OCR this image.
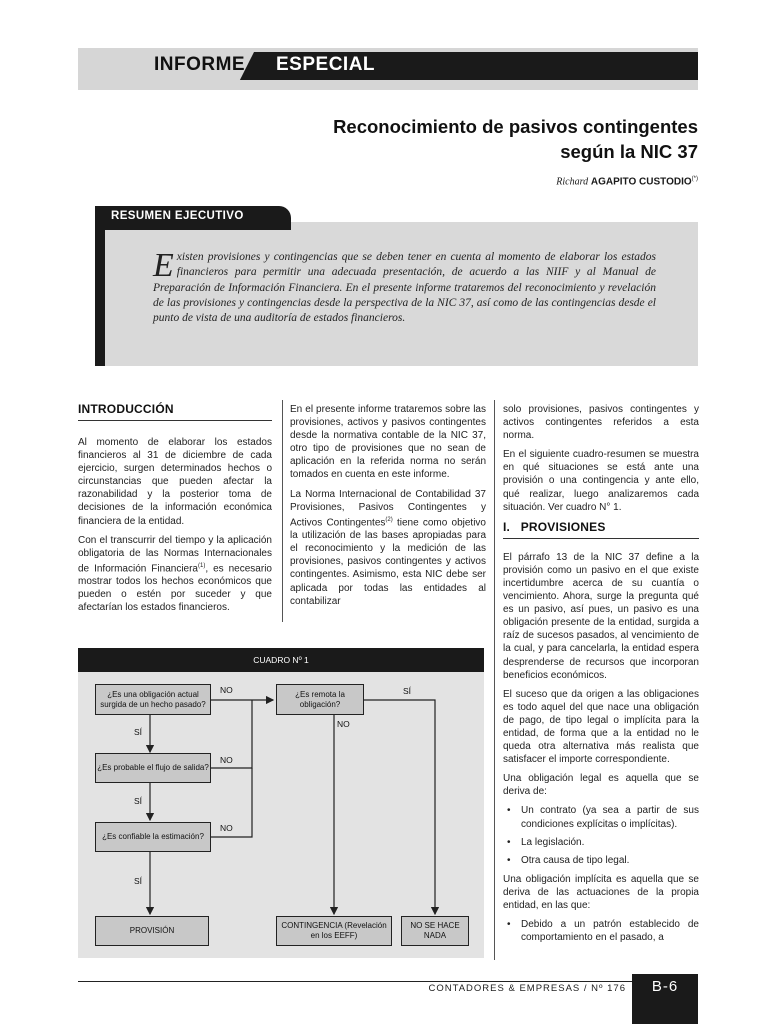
INFORME ESPECIAL
Reconocimiento de pasivos contingentes
según la NIC 37
Richard AGAPITO CUSTODIO(*)
RESUMEN EJECUTIVO
Existen provisiones y contingencias que se deben tener en cuenta al momento de elaborar los estados financieros para permitir una adecuada presentación, de acuerdo a las NIIF y al Manual de Preparación de Información Financiera. En el presente informe trataremos del reconocimiento y revelación de las provisiones y contingencias desde la perspectiva de la NIC 37, así como de las contingencias desde el punto de vista de una auditoría de estados financieros.
INTRODUCCIÓN

Al momento de elaborar los estados financieros al 31 de diciembre de cada ejercicio, surgen determinados hechos o circunstancias que pueden afectar la razonabilidad y la posterior toma de decisiones de la información económica financiera de la entidad.

Con el transcurrir del tiempo y la aplicación obligatoria de las Normas Internacionales de Información Financiera$^{(1)}$, es necesario mostrar todos los hechos económicos que pueden o estén por suceder y que afectarían los estados financieros.

En el presente informe trataremos sobre las provisiones, activos y pasivos contingentes desde la normativa contable de la NIC 37, otro tipo de provisiones que no sean de aplicación en la referida norma no serán tomados en cuenta en este informe.

La Norma Internacional de Contabilidad 37 Provisiones, Pasivos Contingentes y Activos Contingentes$^{(2)}$ tiene como objetivo la utilización de las bases apropiadas para el reconocimiento y la medición de las provisiones, pasivos contingentes y activos contingentes. Asimismo, esta NIC debe ser aplicada por todas las entidades al contabilizar

solo provisiones, pasivos contingentes y activos contingentes referidos a esta norma.

En el siguiente cuadro-resumen se muestra en qué situaciones se está ante una provisión o una contingencia y ante ello, qué realizar, luego analizaremos cada situación. Ver cuadro N° 1.

I. PROVISIONES

El párrafo 13 de la NIC 37 define a la provisión como un pasivo en el que existe incertidumbre acerca de su cuantía o vencimiento. Ahora, surge la pregunta qué es un pasivo, así pues, un pasivo es una obligación presente de la entidad, surgida a raíz de sucesos pasados, al vencimiento de la cual, y para cancelarla, la entidad espera desprenderse de recursos que incorporan beneficios económicos.

El suceso que da origen a las obligaciones es todo aquel del que nace una obligación de pago, de tipo legal o implícita para la entidad, de forma que a la entidad no le queda otra alternativa más realista que satisfacer el importe correspondiente.

Una obligación legal es aquella que se deriva de:

• Un contrato (ya sea a partir de sus condiciones explícitas o implícitas).
• La legislación.
• Otra causa de tipo legal.

Una obligación implícita es aquella que se deriva de las actuaciones de la propia entidad, en las que:

• Debido a un patrón establecido de comportamiento en el pasado, a
CUADRO Nº 1
¿Es una obligación actual surgida de un hecho pasado?
¿Es probable el flujo de salida?
¿Es confiable la estimación?
¿Es remota la obligación?
PROVISIÓN
CONTINGENCIA (Revelación en los EEFF)
NO SE HACE NADA
NO
NO
NO
NO
SÍ
SÍ
SÍ
SÍ
CONTADORES & EMPRESAS / Nº 176	B-6
